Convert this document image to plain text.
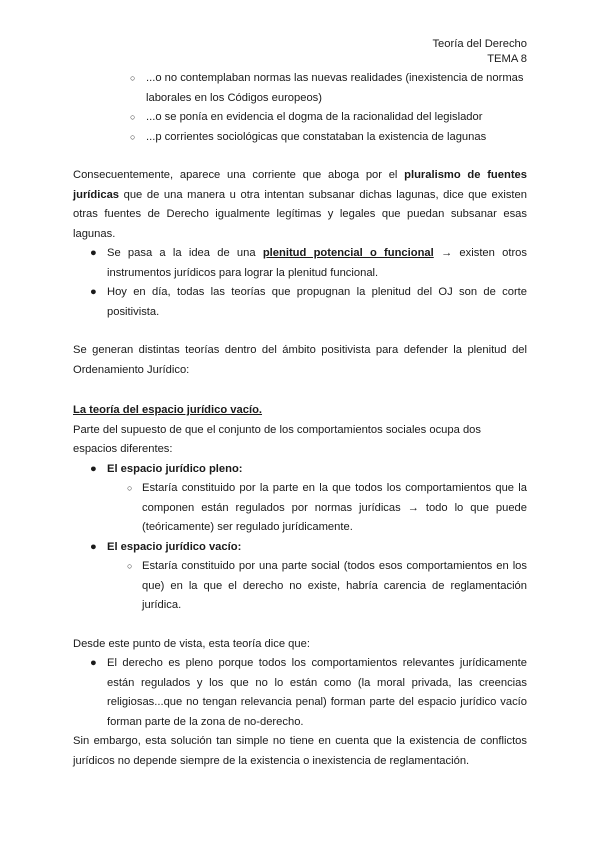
Teoría del Derecho
TEMA 8
○ ...o no contemplaban normas las nuevas realidades (inexistencia de normas laborales en los Códigos europeos)
○ ...o se ponía en evidencia el dogma de la racionalidad del legislador
○ ...p corrientes sociológicas que constataban la existencia de lagunas

Consecuentemente, aparece una corriente que aboga por el pluralismo de fuentes jurídicas que de una manera u otra intentan subsanar dichas lagunas, dice que existen otras fuentes de Derecho igualmente legítimas y legales que puedan subsanar esas lagunas.

● Se pasa a la idea de una plenitud potencial o funcional → existen otros instrumentos jurídicos para lograr la plenitud funcional.
● Hoy en día, todas las teorías que propugnan la plenitud del OJ son de corte positivista.

Se generan distintas teorías dentro del ámbito positivista para defender la plenitud del Ordenamiento Jurídico:

La teoría del espacio jurídico vacío.

Parte del supuesto de que el conjunto de los comportamientos sociales ocupa dos espacios diferentes:

● El espacio jurídico pleno:
○ Estaría constituido por la parte en la que todos los comportamientos que la componen están regulados por normas jurídicas → todo lo que puede (teóricamente) ser regulado jurídicamente.
● El espacio jurídico vacío:
○ Estaría constituido por una parte social (todos esos comportamientos en los que) en la que el derecho no existe, habría carencia de reglamentación jurídica.

Desde este punto de vista, esta teoría dice que:

● El derecho es pleno porque todos los comportamientos relevantes jurídicamente están regulados y los que no lo están como (la moral privada, las creencias religiosas...que no tengan relevancia penal) forman parte del espacio jurídico vacío forman parte de la zona de no-derecho.

Sin embargo, esta solución tan simple no tiene en cuenta que la existencia de conflictos jurídicos no depende siempre de la existencia o inexistencia de reglamentación.
